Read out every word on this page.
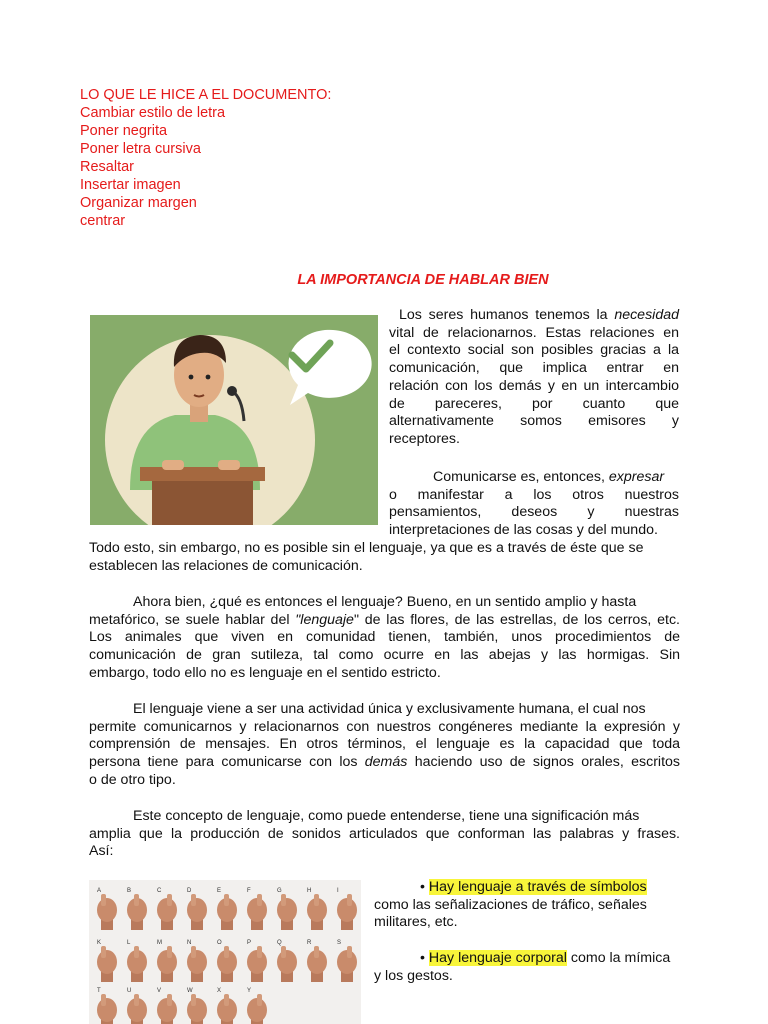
LO QUE LE HICE A EL DOCUMENTO:
Cambiar estilo de letra
Poner negrita
Poner letra cursiva
Resaltar
Insertar imagen
Organizar margen
centrar
LA IMPORTANCIA DE HABLAR BIEN
Los seres humanos tenemos la necesidad
vital de relacionarnos. Estas relaciones en
el contexto social son posibles gracias a la
comunicación, que implica entrar en
relación con los demás y en un intercambio
de pareceres, por cuanto que
alternativamente somos emisores y
receptores.
Comunicarse es, entonces, expresar
o manifestar a los otros nuestros
pensamientos, deseos y nuestras
interpretaciones de las cosas y del mundo.
Todo esto, sin embargo, no es posible sin el lenguaje, ya que es a través de éste que se
establecen las relaciones de comunicación.
Ahora bien, ¿qué es entonces el lenguaje? Bueno, en un sentido amplio y hasta
metafórico, se suele hablar del "lenguaje" de las flores, de las estrellas, de los cerros, etc.
Los animales que viven en comunidad tienen, también, unos procedimientos de
comunicación de gran sutileza, tal como ocurre en las abejas y las hormigas. Sin
embargo, todo ello no es lenguaje en el sentido estricto.
El lenguaje viene a ser una actividad única y exclusivamente humana, el cual nos
permite comunicarnos y relacionarnos con nuestros congéneres mediante la expresión y
comprensión de mensajes. En otros términos, el lenguaje es la capacidad que toda
persona tiene para comunicarse con los demás haciendo uso de signos orales, escritos
o de otro tipo.
Este concepto de lenguaje, como puede entenderse, tiene una significación más
amplia que la producción de sonidos articulados que conforman las palabras y frases.
Así:
A	B	C	D	E	F	G	H	I
K	L	M	N	O	P	Q	R	S
T	U	V	W	X	Y
• Hay lenguaje a través de símbolos
como las señalizaciones de tráfico, señales
militares, etc.
• Hay lenguaje corporal como la mímica
y los gestos.
